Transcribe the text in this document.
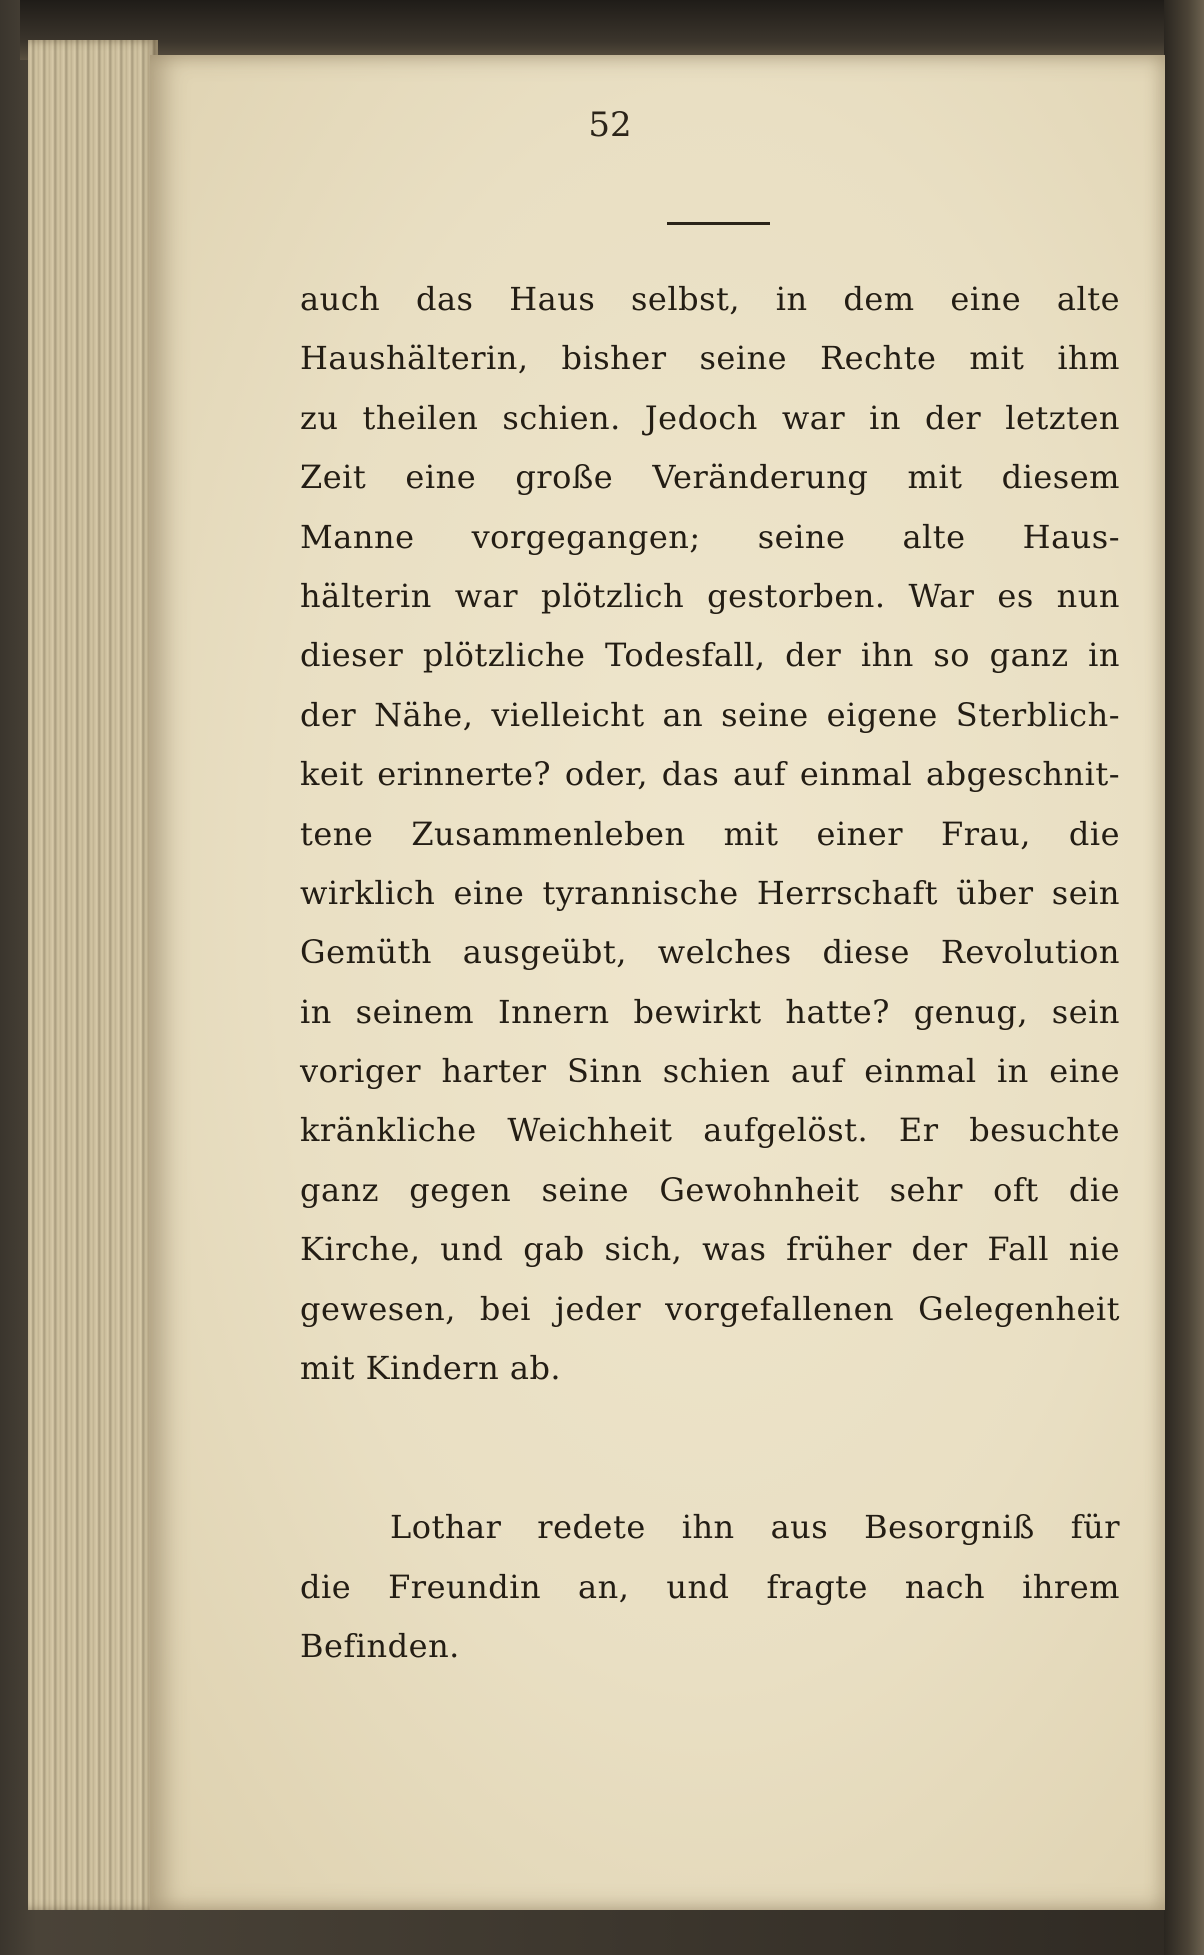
52
auch das Haus selbst, in dem eine alte
Haushälterin, bisher seine Rechte mit ihm
zu theilen schien. Jedoch war in der letzten
Zeit eine große Veränderung mit diesem
Manne vorgegangen; seine alte Haus-
hälterin war plötzlich gestorben. War es nun
dieser plötzliche Todesfall, der ihn so ganz in
der Nähe, vielleicht an seine eigene Sterblich-
keit erinnerte? oder, das auf einmal abgeschnit-
tene Zusammenleben mit einer Frau, die
wirklich eine tyrannische Herrschaft über sein
Gemüth ausgeübt, welches diese Revolution
in seinem Innern bewirkt hatte? genug, sein
voriger harter Sinn schien auf einmal in eine
kränkliche Weichheit aufgelöst. Er besuchte
ganz gegen seine Gewohnheit sehr oft die
Kirche, und gab sich, was früher der Fall nie
gewesen, bei jeder vorgefallenen Gelegenheit
mit Kindern ab.
Lothar redete ihn aus Besorgniß für
die Freundin an, und fragte nach ihrem
Befinden.
